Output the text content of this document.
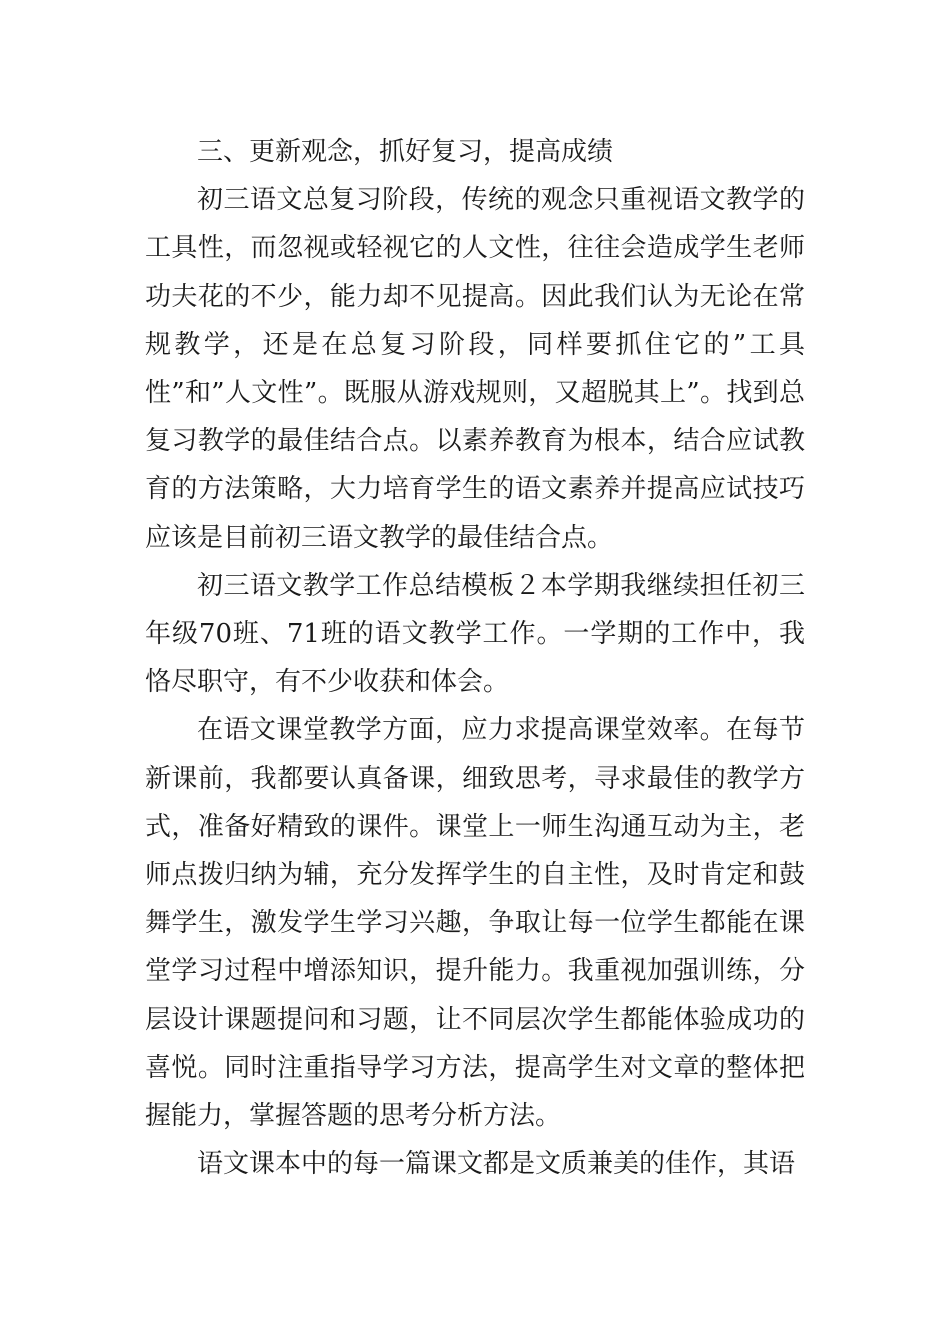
三、更新观念，抓好复习，提高成绩

初三语文总复习阶段，传统的观念只重视语文教学的工具性，而忽视或轻视它的人文性，往往会造成学生老师功夫花的不少，能力却不见提高。因此我们认为无论在常规教学，还是在总复习阶段，同样要抓住它的”工具性”和”人文性”。既服从游戏规则，又超脱其上”。找到总复习教学的最佳结合点。以素养教育为根本，结合应试教育的方法策略，大力培育学生的语文素养并提高应试技巧应该是目前初三语文教学的最佳结合点。

初三语文教学工作总结模板２本学期我继续担任初三年级70班、71班的语文教学工作。一学期的工作中，我恪尽职守，有不少收获和体会。

在语文课堂教学方面，应力求提高课堂效率。在每节新课前，我都要认真备课，细致思考，寻求最佳的教学方式，准备好精致的课件。课堂上一师生沟通互动为主，老师点拨归纳为辅，充分发挥学生的自主性，及时肯定和鼓舞学生，激发学生学习兴趣，争取让每一位学生都能在课堂学习过程中增添知识，提升能力。我重视加强训练，分层设计课题提问和习题，让不同层次学生都能体验成功的喜悦。同时注重指导学习方法，提高学生对文章的整体把握能力，掌握答题的思考分析方法。

语文课本中的每一篇课文都是文质兼美的佳作，其语
